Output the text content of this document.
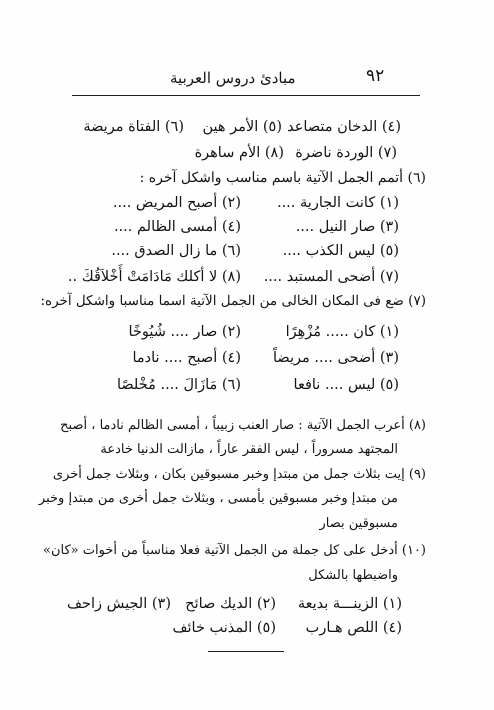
٩٢
مبادئ دروس العربية
(٤) الدخان متصاعد
(٥) الأمر هين
(٦) الفتاة مريضة
(٧) الوردة ناضرة
(٨) الأم ساهرة
(٦) أتمم الجمل الآتية باسم مناسب واشكل آخره :
(١) كانت الجارية ....
(٢) أصبح المريض ....
(٣) صار النيل ....
(٤) أمسى الظالم ....
(٥) ليس الكذب ....
(٦) ما زال الصدق ....
(٧) أضحى المستبد ....
(٨) لا أكلك مَادَامَتْ أَخْلاَقُكَ ..
(٧) ضع فى المكان الخالى من الجمل الآتية اسما مناسبا واشكل آخره:
(١) كان ..... مُزْهِرًا
(٢) صار .... شُيُوخًا
(٣) أضحى .... مريضاً
(٤) أصبح .... نادما
(٥) ليس .... نافعا
(٦) مَازَالَ .... مُخْلصًا
(٨) أعرب الجمل الآتية : صار العنب زبيباً ، أمسى الظالم نادما ، أصبح
المجتهد مسروراً ، ليس الفقر عاراً ، مازالت الدنيا خادعة
(٩) إيت بثلاث جمل من مبتدإ وخبر مسبوقين بكان ، وبثلاث جمل أخرى
من مبتدإ وخبر مسبوقين بأمسى ، وبثلاث جمل أخرى من مبتدإ وخبر
مسبوقين بصار
(١٠) أدخل على كل جملة من الجمل الآتية فعلا مناسباً من أخوات «كان»
واضبطها بالشكل
(١) الزينـــة بديعة
(٢) الديك صائح
(٣) الجيش زاحف
(٤) اللص هـارب
(٥) المذنب خائف
